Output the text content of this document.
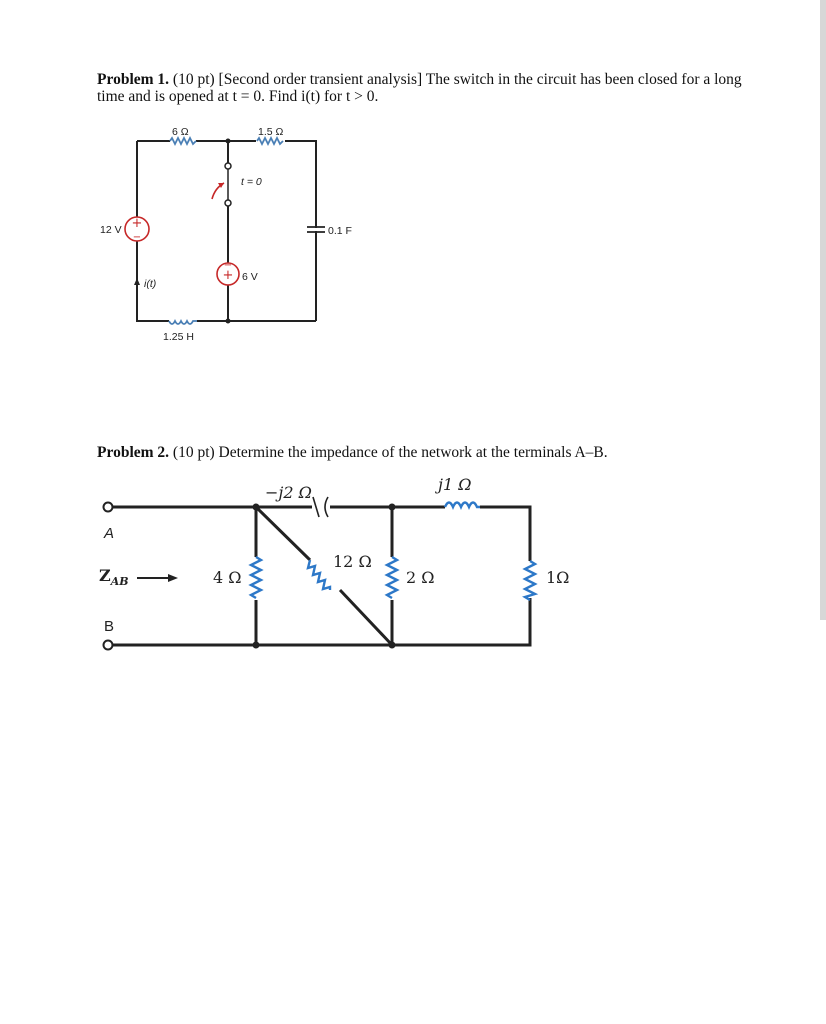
Problem 1. (10 pt) [Second order transient analysis] The switch in the circuit has been closed for a long time and is opened at t = 0. Find i(t) for t > 0.
6 Ω	1.5 Ω
t = 0
12 V
6 V
0.1 F
i(t)
1.25 H
+
−
+
−
Problem 2. (10 pt) Determine the impedance of the network at the terminals A–B.
−j2 Ω	j1 Ω
A
B
$Z_{AB}$	4 Ω
12 Ω
2 Ω	1Ω
